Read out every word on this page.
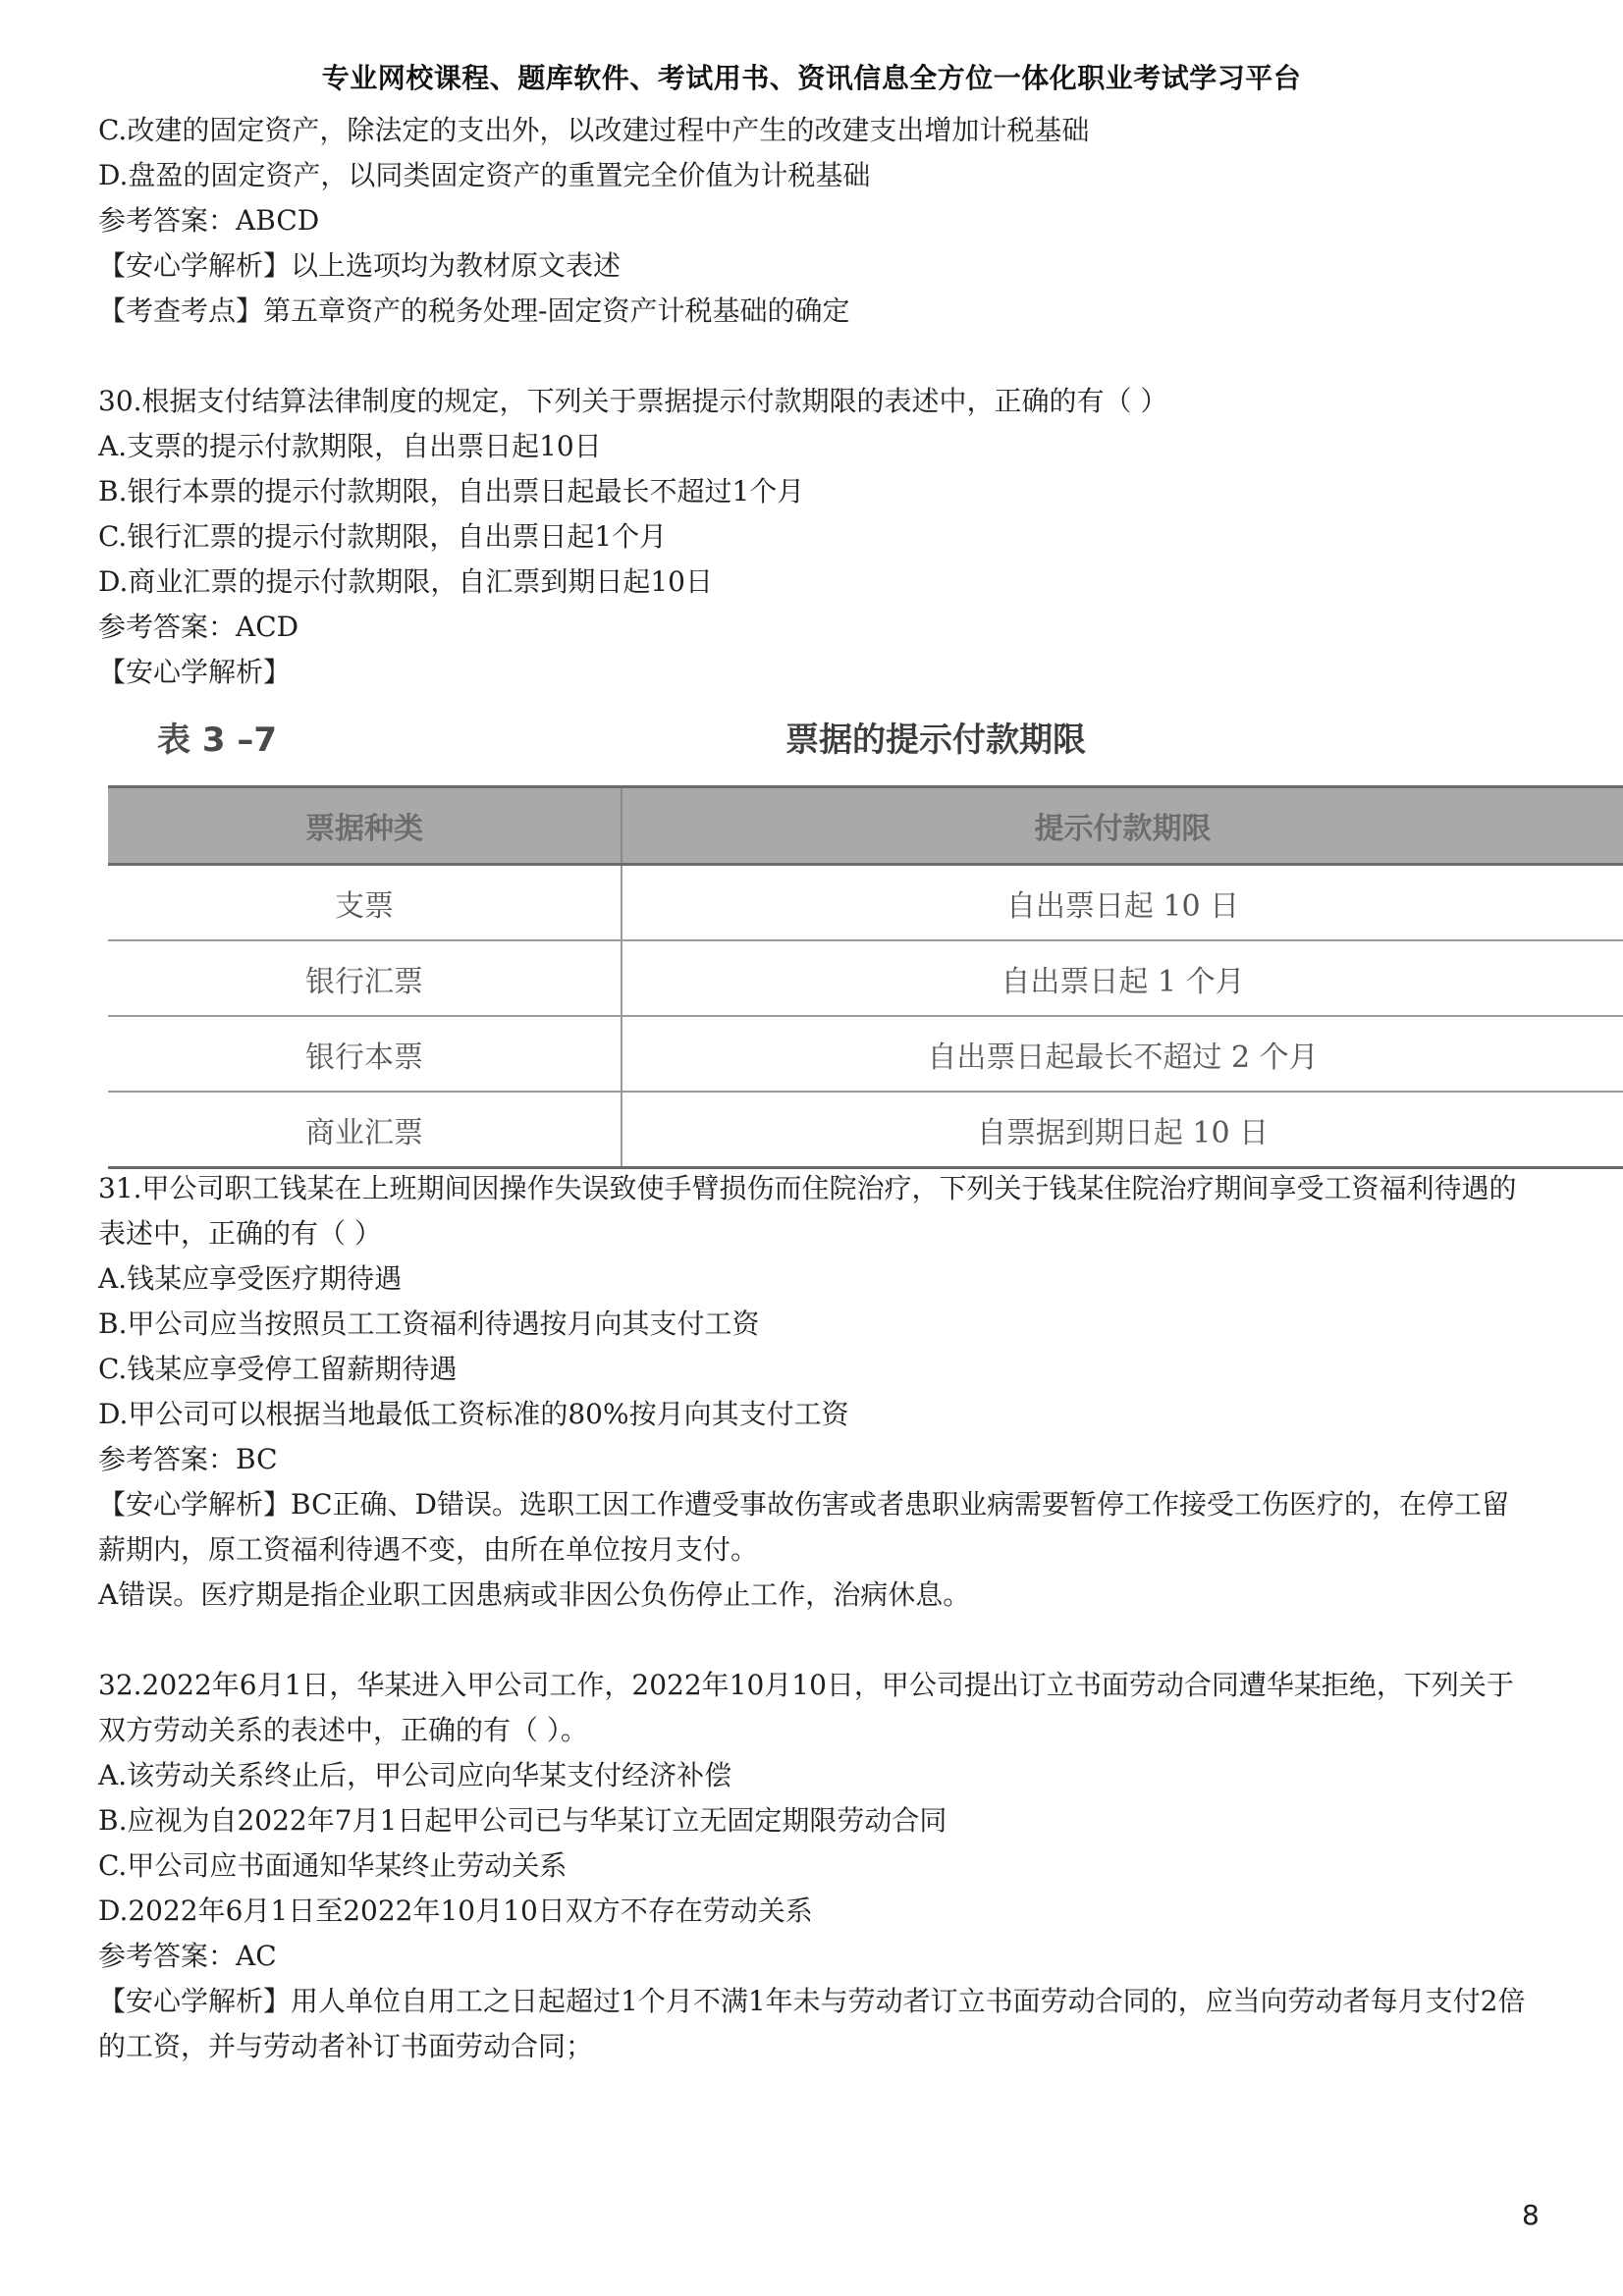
专业网校课程、题库软件、考试用书、资讯信息全方位一体化职业考试学习平台

C.改建的固定资产，除法定的支出外，以改建过程中产生的改建支出增加计税基础

D.盘盈的固定资产，以同类固定资产的重置完全价值为计税基础

参考答案：ABCD

【安心学解析】以上选项均为教材原文表述

【考查考点】第五章资产的税务处理-固定资产计税基础的确定

30.根据支付结算法律制度的规定，下列关于票据提示付款期限的表述中，正确的有（ ）

A.支票的提示付款期限，自出票日起10日

B.银行本票的提示付款期限，自出票日起最长不超过1个月

C.银行汇票的提示付款期限，自出票日起1个月

D.商业汇票的提示付款期限，自汇票到期日起10日

参考答案：ACD

【安心学解析】

表 3 –7	票据的提示付款期限
票据种类	提示付款期限
支票	自出票日起 10 日
银行汇票	自出票日起 1 个月
银行本票	自出票日起最长不超过 2 个月
商业汇票	自票据到期日起 10 日

31.甲公司职工钱某在上班期间因操作失误致使手臂损伤而住院治疗，下列关于钱某住院治疗期间享受工资福利待遇的表述中，正确的有（ ）

A.钱某应享受医疗期待遇

B.甲公司应当按照员工工资福利待遇按月向其支付工资

C.钱某应享受停工留薪期待遇

D.甲公司可以根据当地最低工资标准的80%按月向其支付工资

参考答案：BC

【安心学解析】BC正确、D错误。选职工因工作遭受事故伤害或者患职业病需要暂停工作接受工伤医疗的，在停工留薪期内，原工资福利待遇不变，由所在单位按月支付。

A错误。医疗期是指企业职工因患病或非因公负伤停止工作，治病休息。

32.2022年6月1日，华某进入甲公司工作，2022年10月10日，甲公司提出订立书面劳动合同遭华某拒绝，下列关于双方劳动关系的表述中，正确的有（ ）。

A.该劳动关系终止后，甲公司应向华某支付经济补偿

B.应视为自2022年7月1日起甲公司已与华某订立无固定期限劳动合同

C.甲公司应书面通知华某终止劳动关系

D.2022年6月1日至2022年10月10日双方不存在劳动关系

参考答案：AC

【安心学解析】用人单位自用工之日起超过1个月不满1年未与劳动者订立书面劳动合同的，应当向劳动者每月支付2倍的工资，并与劳动者补订书面劳动合同；

8
